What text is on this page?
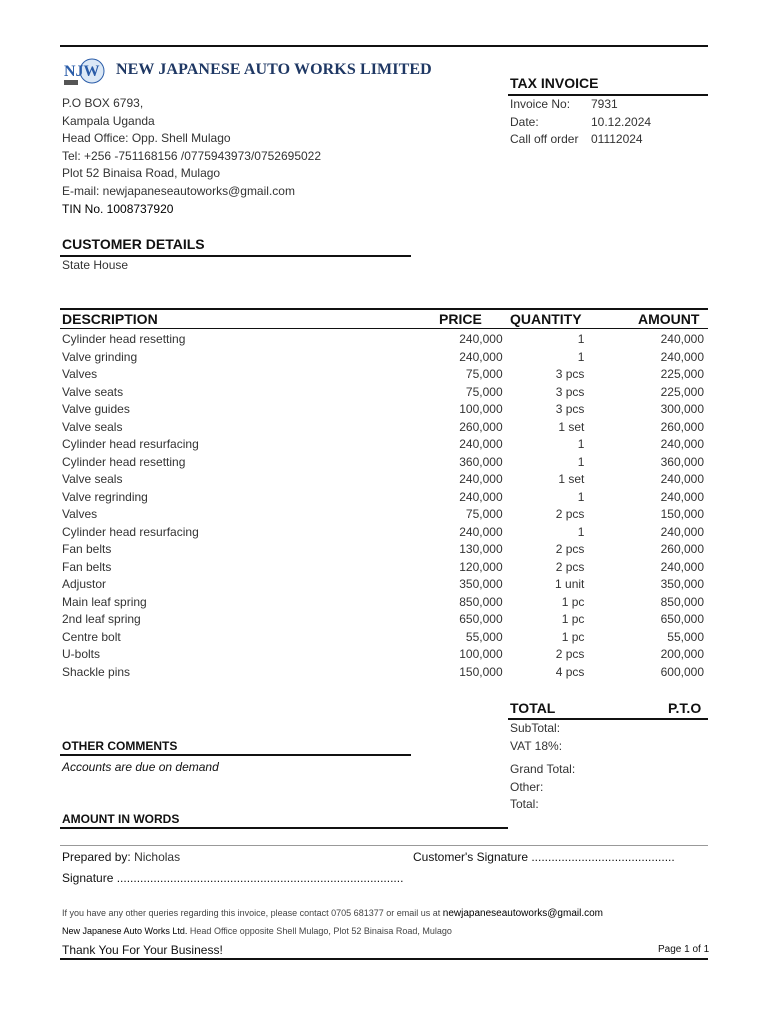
NJW NEW JAPANESE AUTO WORKS LIMITED
P.O BOX 6793,
Kampala Uganda
Head Office: Opp. Shell Mulago
Tel: +256 -751168156 /0775943973/0752695022
Plot 52 Binaisa Road, Mulago
E-mail: newjapaneseautoworks@gmail.com
TIN No. 1008737920
TAX INVOICE
Invoice No:	7931
Date:	10.12.2024
Call off order	01112024
CUSTOMER DETAILS
State House
DESCRIPTION	PRICE QUANTITY	AMOUNT
Cylinder head resetting	240,000	1	240,000
Valve grinding	240,000	1	240,000
Valves	75,000	3 pcs	225,000
Valve seats	75,000	3 pcs	225,000
Valve guides	100,000	3 pcs	300,000
Valve seals	260,000	1 set	260,000
Cylinder head resurfacing	240,000	1	240,000
Cylinder head resetting	360,000	1	360,000
Valve seals	240,000	1 set	240,000
Valve regrinding	240,000	1	240,000
Valves	75,000	2 pcs	150,000
Cylinder head resurfacing	240,000	1	240,000
Fan belts	130,000	2 pcs	260,000
Fan belts	120,000	2 pcs	240,000
Adjustor	350,000	1 unit	350,000
Main leaf spring	850,000	1 pc	850,000
2nd leaf spring	650,000	1 pc	650,000
Centre bolt	55,000	1 pc	55,000
U-bolts	100,000	2 pcs	200,000
Shackle pins	150,000	4 pcs	600,000
TOTAL	P.T.O
SubTotal:
VAT 18%:
Grand Total:
Other:
Total:
OTHER COMMENTS
Accounts are due on demand
AMOUNT IN WORDS
Prepared by: Nicholas	Customer's Signature ...........................................
Signature ......................................................................................
If you have any other queries regarding this invoice, please contact 0705 681377 or email us at newjapaneseautoworks@gmail.com
New Japanese Auto Works Ltd. Head Office opposite Shell Mulago, Plot 52 Binaisa Road, Mulago
Thank You For Your Business!	Page 1 of 1
